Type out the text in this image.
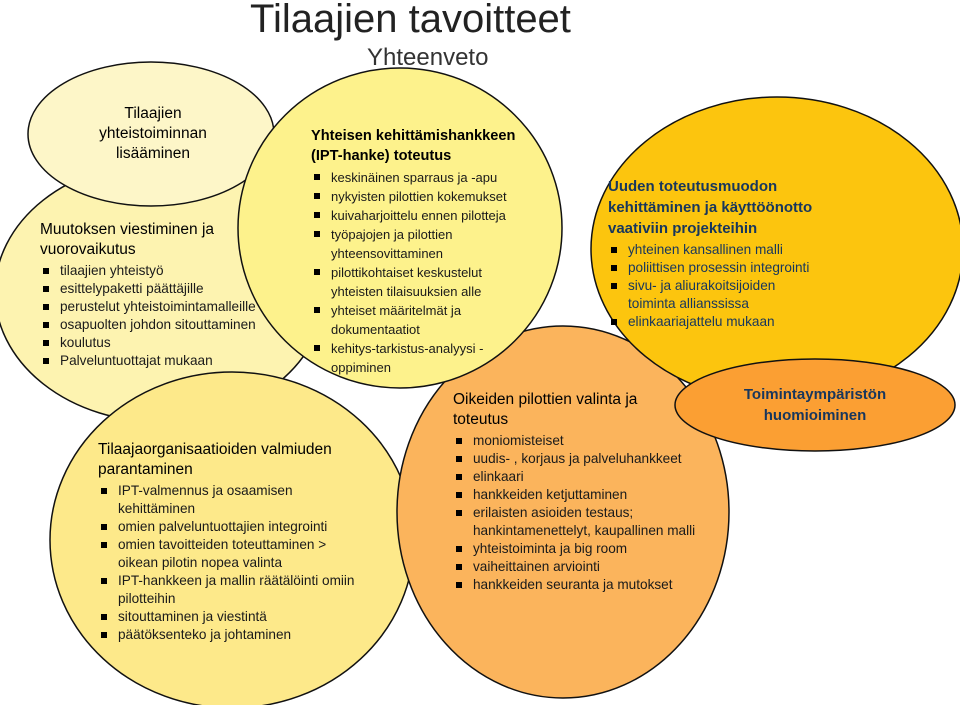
Tilaajien tavoitteet
Yhteenveto
Tilaajien yhteistoiminnan lisääminen
Muutoksen viestiminen ja vuorovaikutus
tilaajien yhteistyö
esittelypaketti päättäjille
perustelut yhteistoimintamalleille
osapuolten johdon sitouttaminen
koulutus
Palveluntuottajat mukaan
Yhteisen kehittämishankkeen (IPT-hanke) toteutus
keskinäinen sparraus ja -apu
nykyisten pilottien kokemukset
kuivaharjoittelu ennen pilotteja
työpajojen ja pilottien yhteensovittaminen
pilottikohtaiset keskustelut yhteisten tilaisuuksien alle
yhteiset määritelmät ja dokumentaatiot
kehitys-tarkistus-analyysi -oppiminen
Uuden toteutusmuodon kehittäminen ja käyttöönotto vaativiin projekteihin
yhteinen kansallinen malli
poliittisen prosessin integrointi
sivu- ja aliurakoitsijoiden toiminta allianssissa
elinkaariajattelu mukaan
Tilaajaorganisaatioiden valmiuden parantaminen
IPT-valmennus ja osaamisen kehittäminen
omien palveluntuottajien integrointi
omien tavoitteiden toteuttaminen > oikean pilotin nopea valinta
IPT-hankkeen ja mallin räätälöinti omiin pilotteihin
sitouttaminen ja viestintä
päätöksenteko ja johtaminen
Oikeiden pilottien valinta ja toteutus
moniomisteiset
uudis- , korjaus ja palveluhankkeet
elinkaari
hankkeiden ketjuttaminen
erilaisten asioiden testaus; hankintamenettelyt, kaupallinen malli
yhteistoiminta ja big room
vaiheittainen arviointi
hankkeiden seuranta ja mutokset
Toimintaympäristön huomioiminen
